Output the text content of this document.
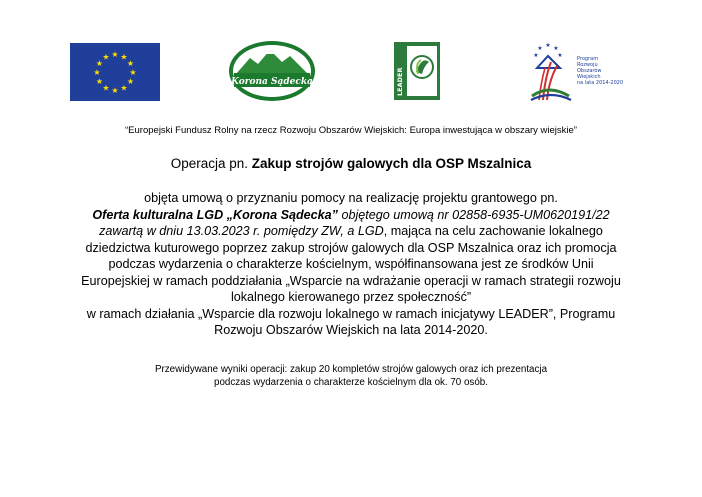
★ ★
★
★
★
★
★
★
★
★
★
★
Korona Sądecka	LEADER
★ ★
★
★
★	Program
Rozwoju
Obszarów
Wiejskich
na lata 2014-2020
“Europejski Fundusz Rolny na rzecz Rozwoju Obszarów Wiejskich: Europa inwestująca w obszary wiejskie”
Operacja pn. Zakup strojów galowych dla OSP Mszalnica
objęta umową o przyznaniu pomocy na realizację projektu grantowego pn.
Oferta kulturalna LGD „Korona Sądecka” objętego umową nr 02858-6935-UM0620191/22
zawartą w dniu 13.03.2023 r. pomiędzy ZW, a LGD, mająca na celu zachowanie lokalnego
dziedzictwa kuturowego poprzez zakup strojów galowych dla OSP Mszalnica oraz ich promocja
podczas wydarzenia o charakterze kościelnym, współfinansowana jest ze środków Unii
Europejskiej w ramach poddziałania „Wsparcie na wdrażanie operacji w ramach strategii rozwoju
lokalnego kierowanego przez społeczność”
w ramach działania „Wsparcie dla rozwoju lokalnego w ramach inicjatywy LEADER”, Programu
Rozwoju Obszarów Wiejskich na lata 2014-2020.
Przewidywane wyniki operacji: zakup 20 kompletów strojów galowych oraz ich prezentacja
podczas wydarzenia o charakterze kościelnym dla ok. 70 osób.
